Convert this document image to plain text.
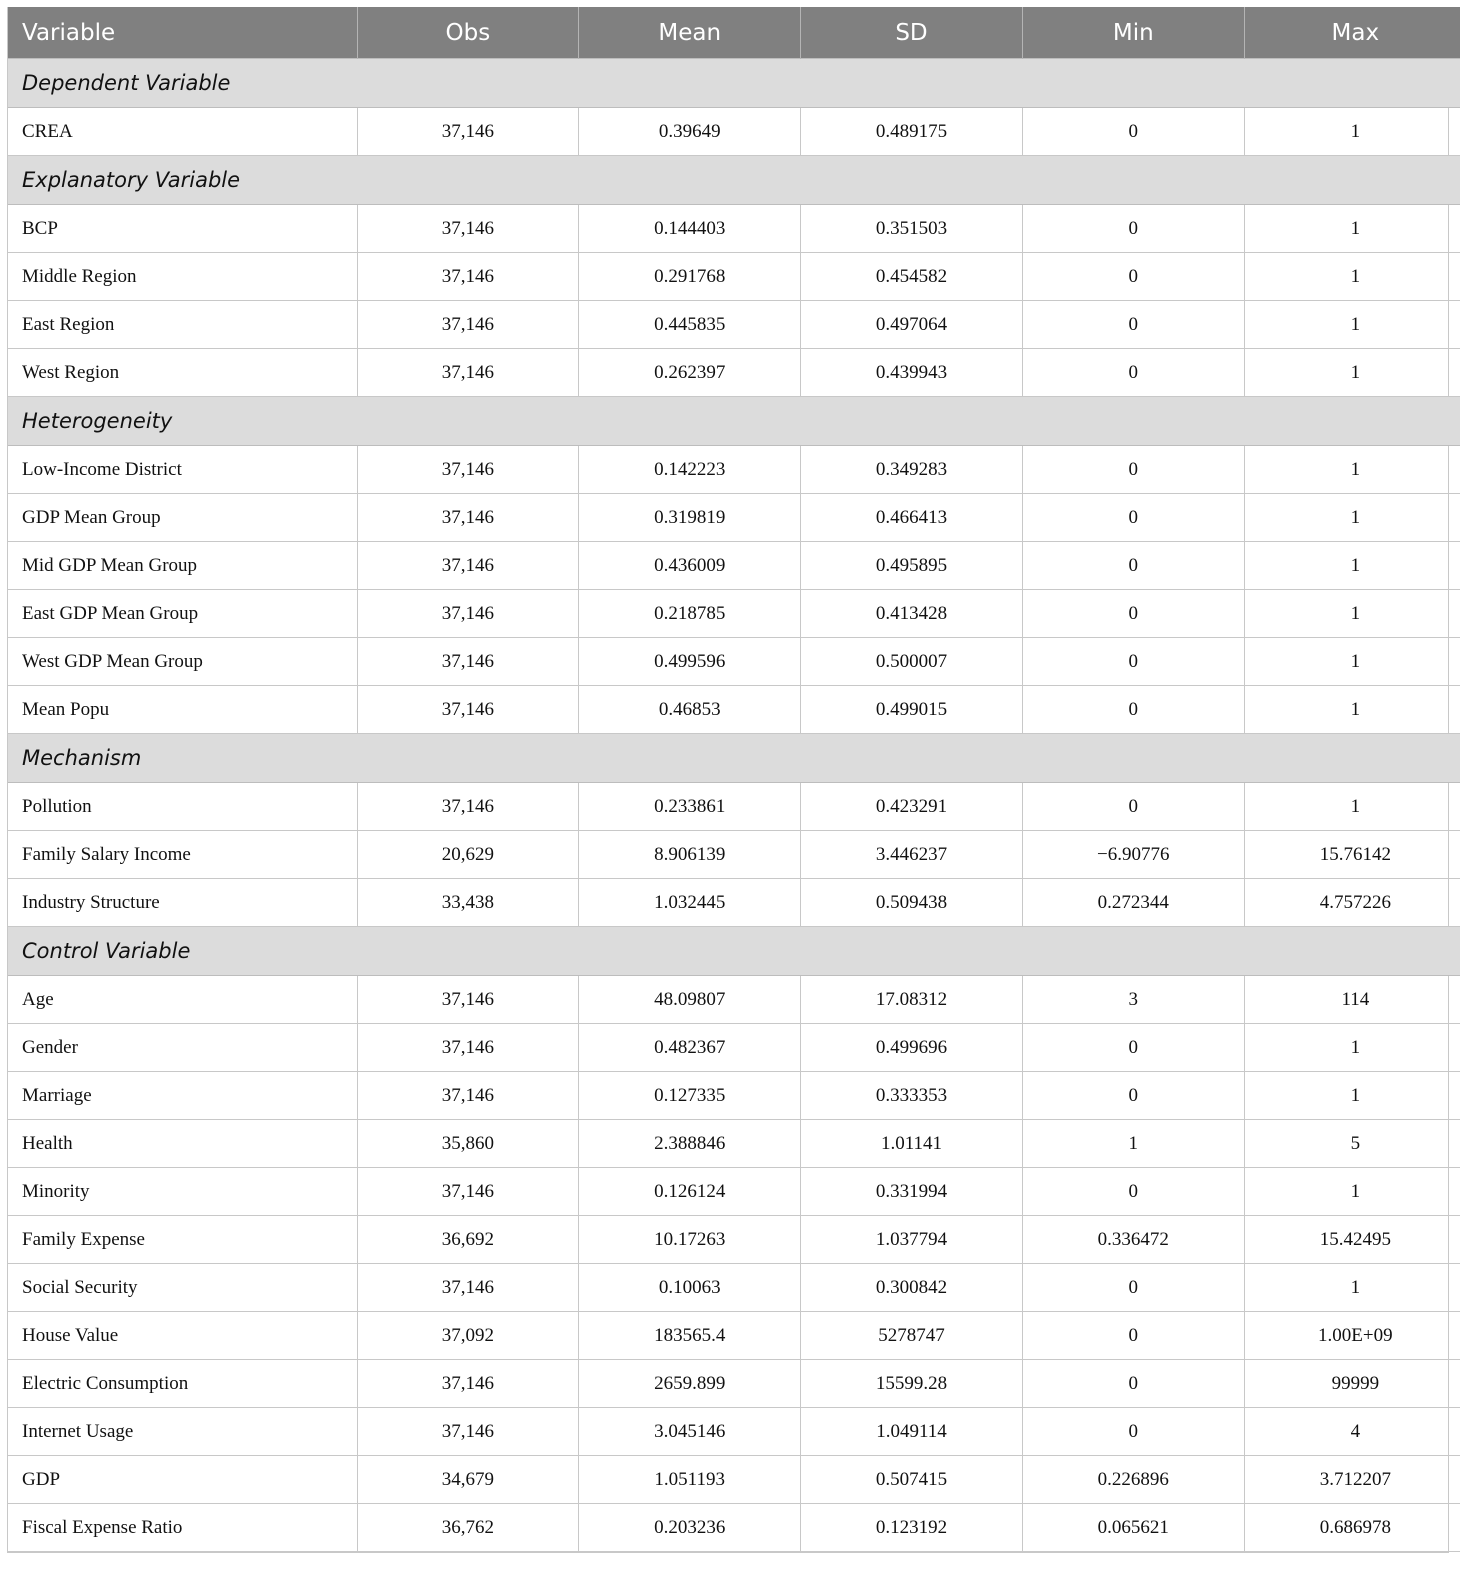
Variable	Obs	Mean	SD	Min	Max
Dependent Variable					
CREA	37,146	0.39649	0.489175	0	1
Explanatory Variable					
BCP	37,146	0.144403	0.351503	0	1
Middle Region	37,146	0.291768	0.454582	0	1
East Region	37,146	0.445835	0.497064	0	1
West Region	37,146	0.262397	0.439943	0	1
Heterogeneity					
Low-Income District	37,146	0.142223	0.349283	0	1
GDP Mean Group	37,146	0.319819	0.466413	0	1
Mid GDP Mean Group	37,146	0.436009	0.495895	0	1
East GDP Mean Group	37,146	0.218785	0.413428	0	1
West GDP Mean Group	37,146	0.499596	0.500007	0	1
Mean Popu	37,146	0.46853	0.499015	0	1
Mechanism					
Pollution	37,146	0.233861	0.423291	0	1
Family Salary Income	20,629	8.906139	3.446237	−6.90776	15.76142
Industry Structure	33,438	1.032445	0.509438	0.272344	4.757226
Control Variable					
Age	37,146	48.09807	17.08312	3	114
Gender	37,146	0.482367	0.499696	0	1
Marriage	37,146	0.127335	0.333353	0	1
Health	35,860	2.388846	1.01141	1	5
Minority	37,146	0.126124	0.331994	0	1
Family Expense	36,692	10.17263	1.037794	0.336472	15.42495
Social Security	37,146	0.10063	0.300842	0	1
House Value	37,092	183565.4	5278747	0	1.00E+09
Electric Consumption	37,146	2659.899	15599.28	0	99999
Internet Usage	37,146	3.045146	1.049114	0	4
GDP	34,679	1.051193	0.507415	0.226896	3.712207
Fiscal Expense Ratio	36,762	0.203236	0.123192	0.065621	0.686978
